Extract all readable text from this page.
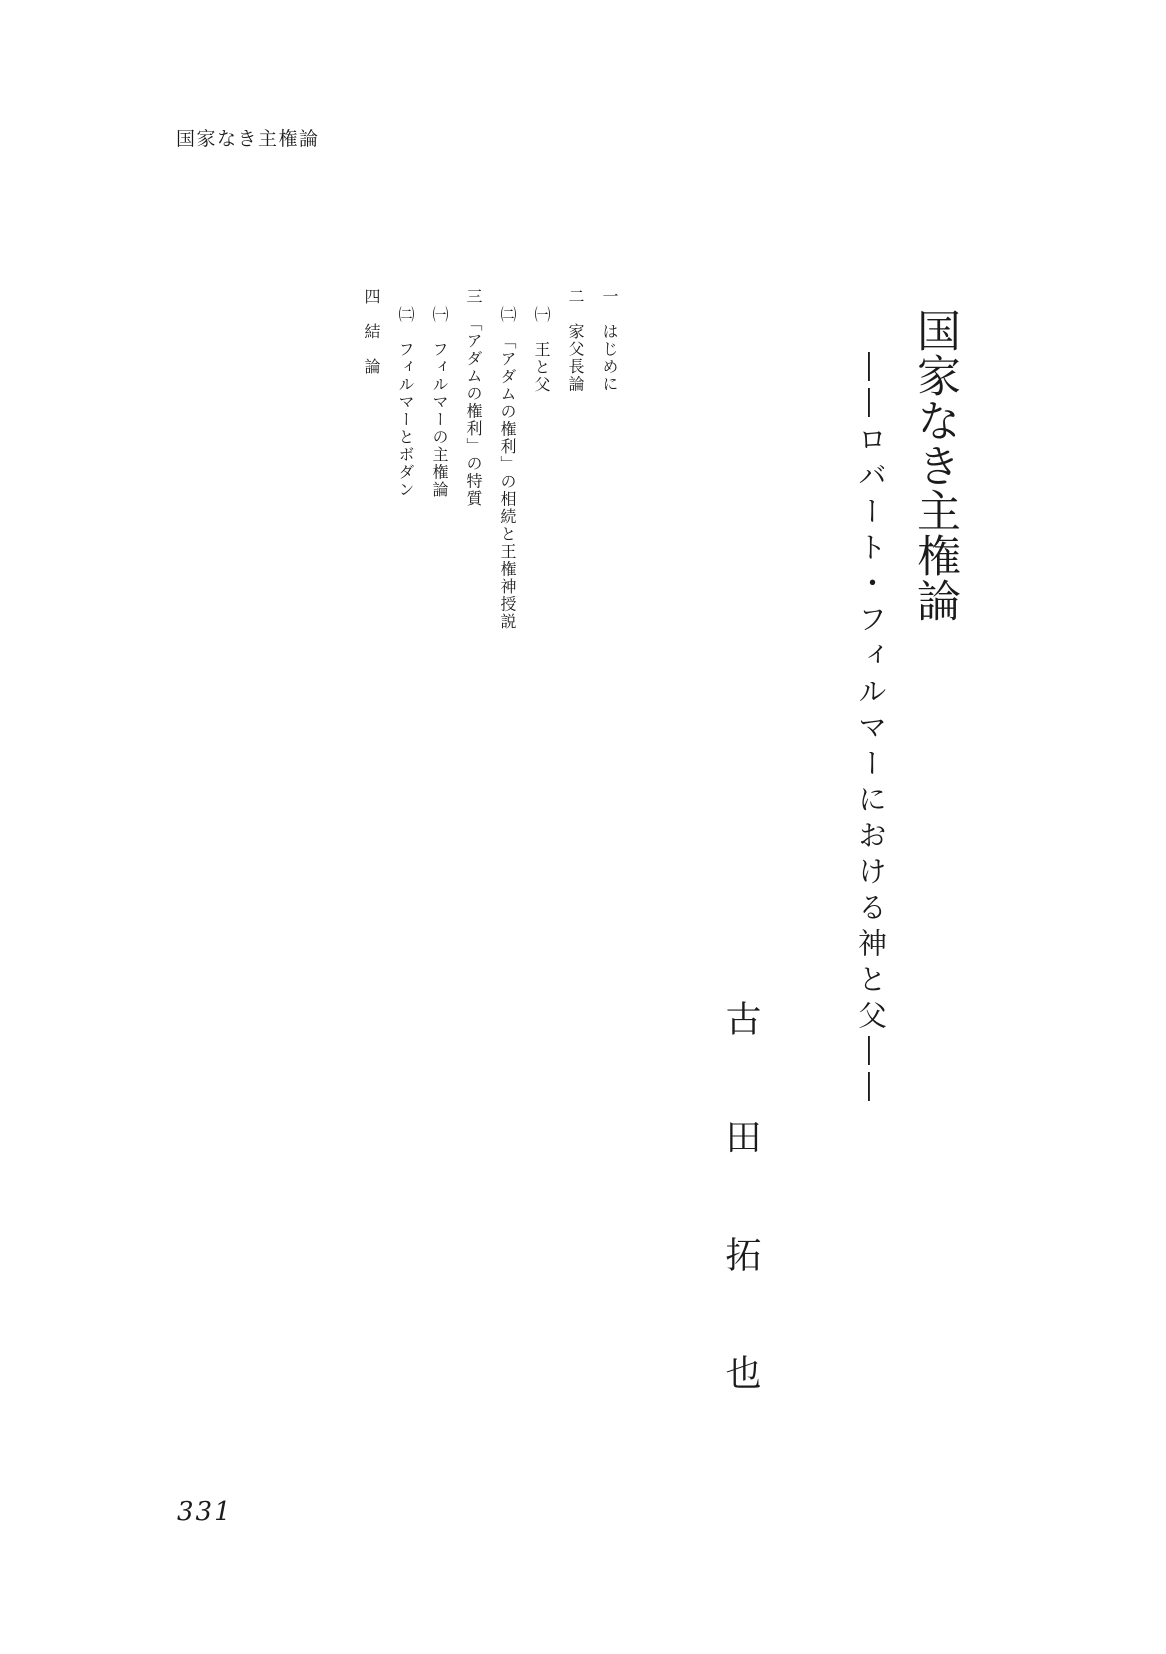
国家なき主権論
国家なき主権論
――ロバート・フィルマーにおける神と父――
古田拓也
一　はじめに
二　家父長論
㈠　王と父
㈡　「アダムの権利」の相続と王権神授説
三　「アダムの権利」の特質
㈠　フィルマーの主権論
㈡　フィルマーとボダン
四　結　論
331
